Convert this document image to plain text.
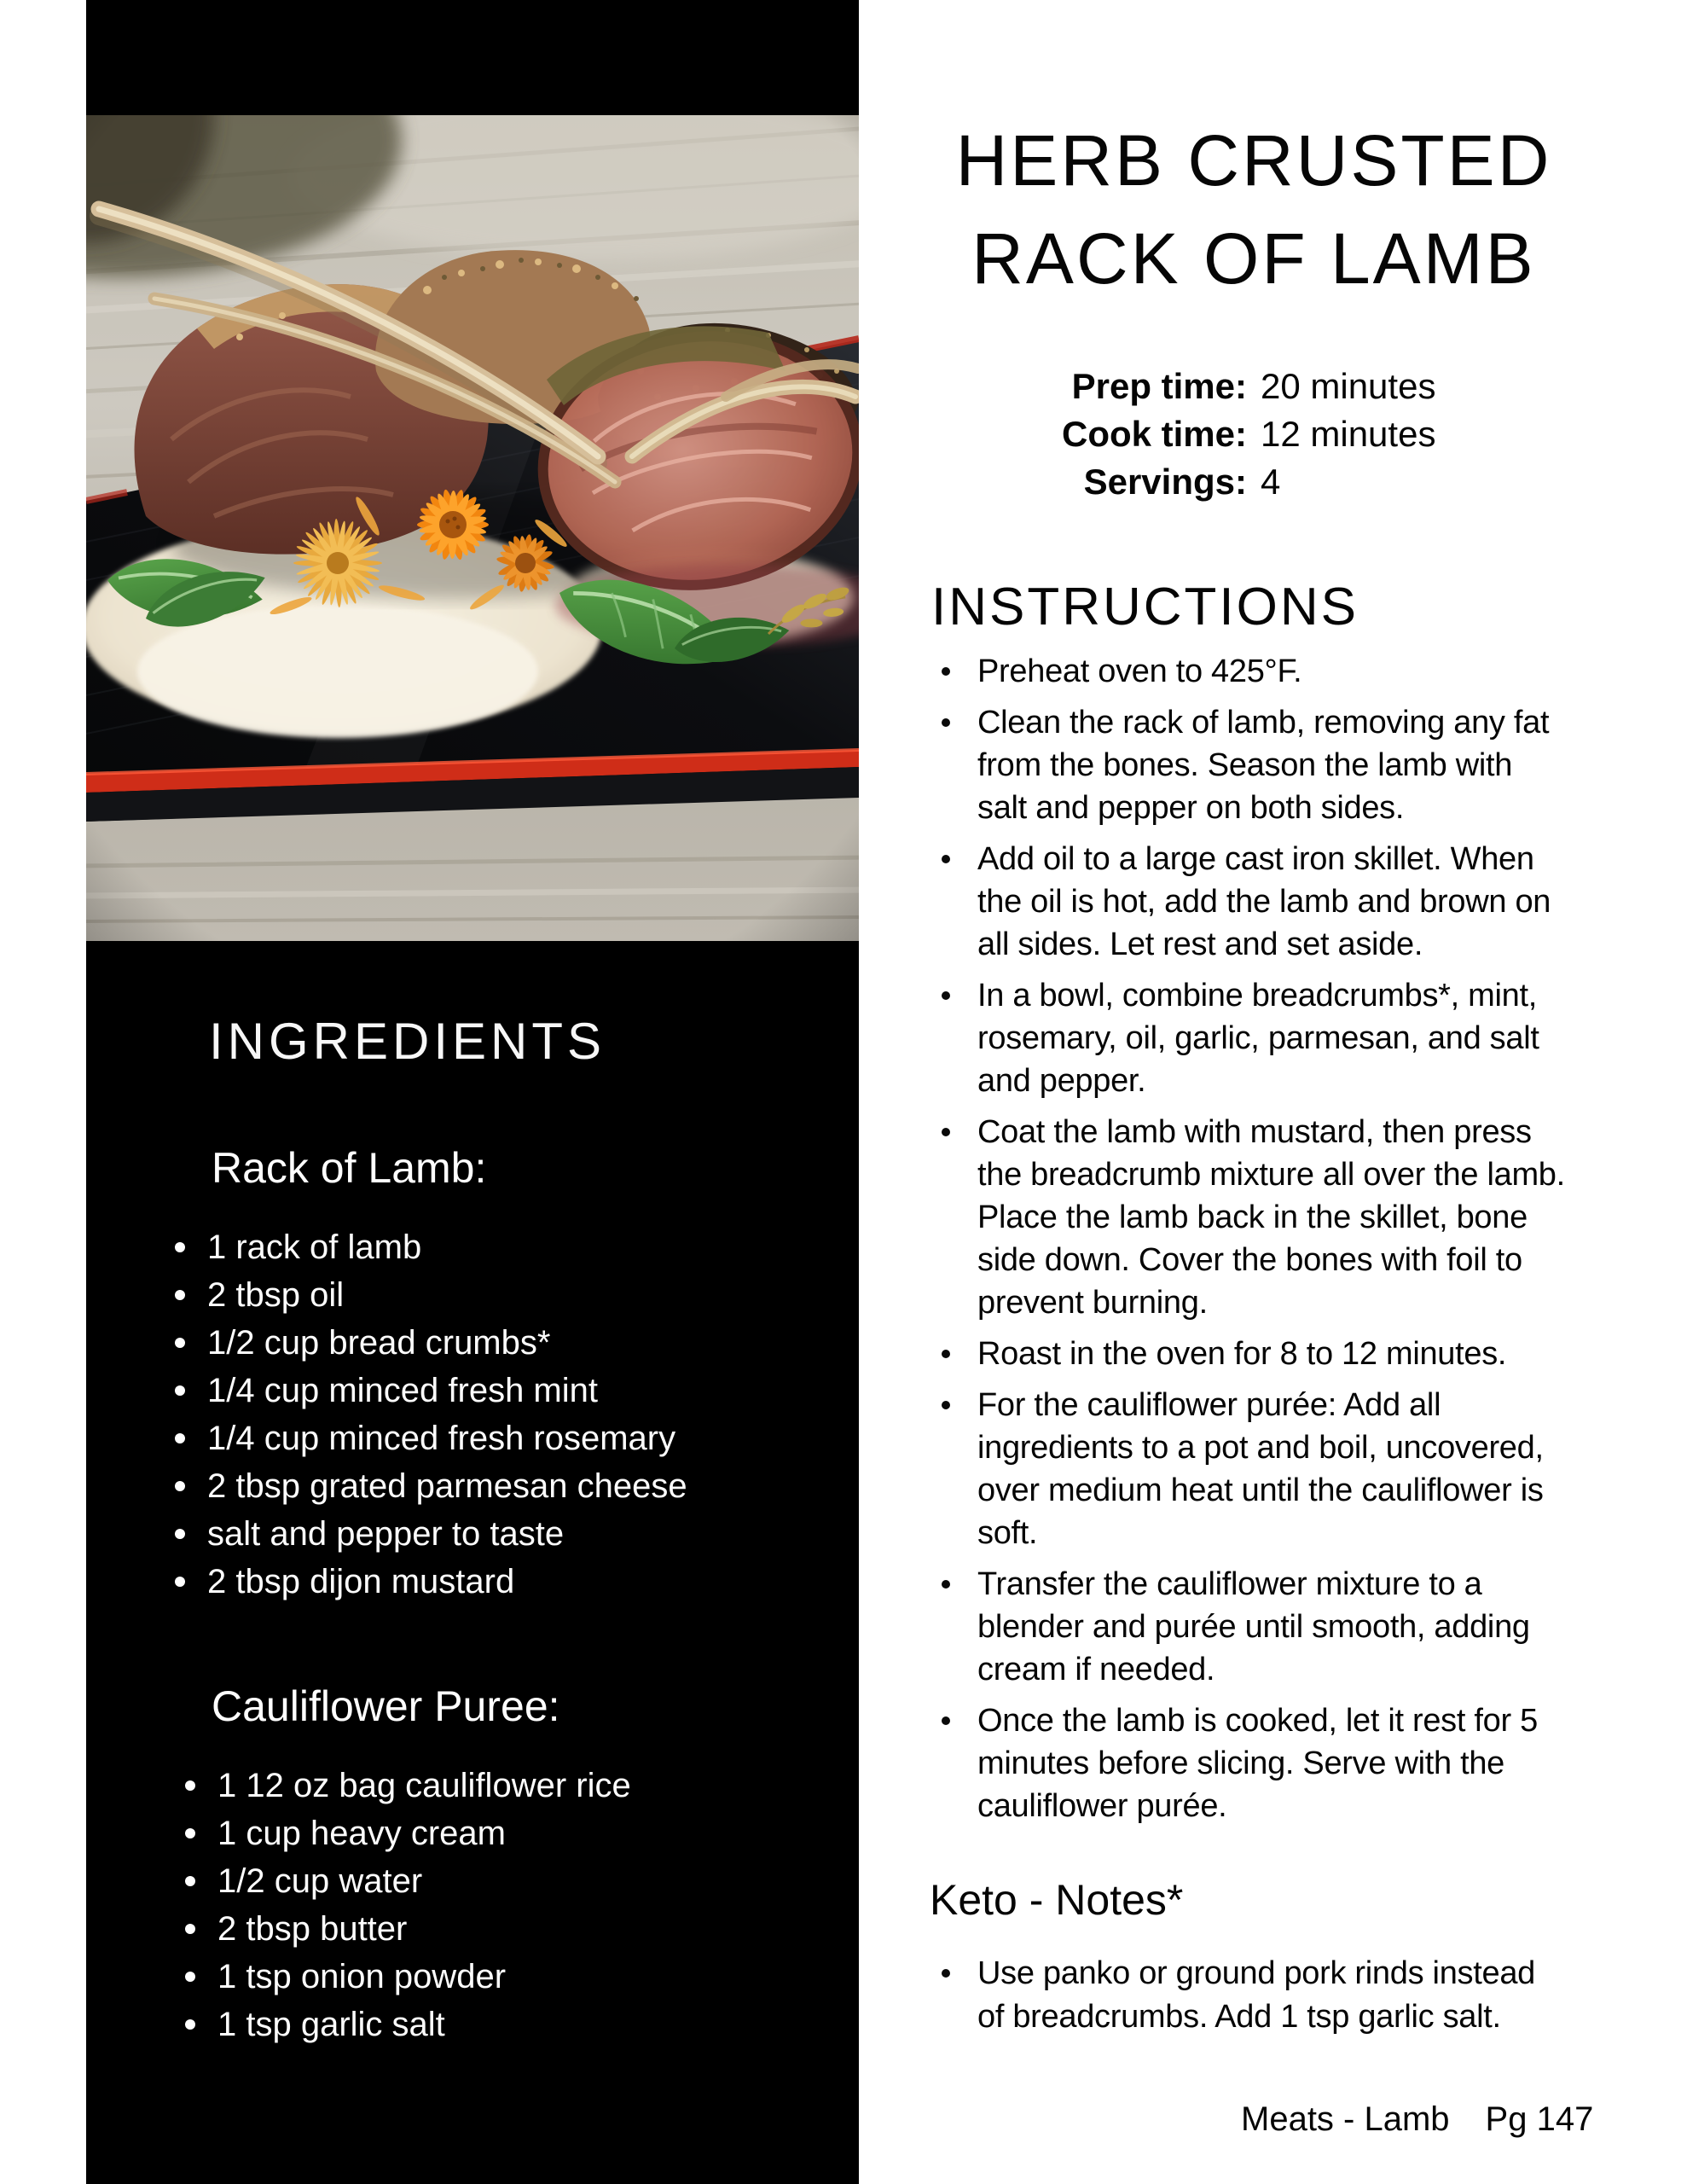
INGREDIENTS
Rack of Lamb:
1 rack of lamb
2 tbsp oil
1/2 cup bread crumbs*
1/4 cup minced fresh mint
1/4 cup minced fresh rosemary
2 tbsp grated parmesan cheese
salt and pepper to taste
2 tbsp dijon mustard
Cauliflower Puree:
1 12 oz bag cauliflower rice
1 cup heavy cream
1/2 cup water
2 tbsp butter
1 tsp onion powder
1 tsp garlic salt
HERB CRUSTED
RACK OF LAMB
Prep time: 20 minutes
Cook time: 12 minutes
Servings: 4
INSTRUCTIONS
Preheat oven to 425°F.
Clean the rack of lamb, removing any fat from the bones. Season the lamb with salt and pepper on both sides.
Add oil to a large cast iron skillet. When the oil is hot, add the lamb and brown on all sides. Let rest and set aside.
In a bowl, combine breadcrumbs*, mint, rosemary, oil, garlic, parmesan, and salt and pepper.
Coat the lamb with mustard, then press the breadcrumb mixture all over the lamb. Place the lamb back in the skillet, bone side down. Cover the bones with foil to prevent burning.
Roast in the oven for 8 to 12 minutes.
For the cauliflower purée: Add all ingredients to a pot and boil, uncovered, over medium heat until the cauliflower is soft.
Transfer the cauliflower mixture to a blender and purée until smooth, adding cream if needed.
Once the lamb is cooked, let it rest for 5 minutes before slicing. Serve with the cauliflower purée.
Keto - Notes*
Use panko or ground pork rinds instead of breadcrumbs. Add 1 tsp garlic salt.
Meats - Lamb Pg 147
